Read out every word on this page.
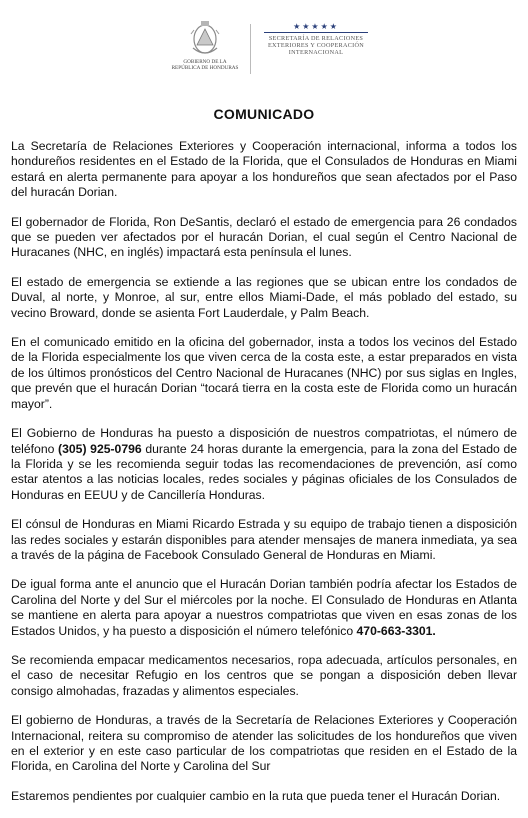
GOBIERNO DE LA
REPÚBLICA DE HONDURAS
★★★★★
SECRETARÍA DE RELACIONES
EXTERIORES Y COOPERACIÓN
INTERNACIONAL
COMUNICADO

La Secretaría de Relaciones Exteriores y Cooperación internacional, informa a todos los hondureños residentes en el Estado de la Florida, que el Consulados de Honduras en Miami estará en alerta permanente para apoyar a los hondureños que sean afectados por el Paso del huracán Dorian.

El gobernador de Florida, Ron DeSantis, declaró el estado de emergencia para 26 condados que se pueden ver afectados por el huracán Dorian, el cual según el Centro Nacional de Huracanes (NHC, en inglés) impactará esta península el lunes.

El estado de emergencia se extiende a las regiones que se ubican entre los condados de Duval, al norte, y Monroe, al sur, entre ellos Miami-Dade, el más poblado del estado, su vecino Broward, donde se asienta Fort Lauderdale, y Palm Beach.

En el comunicado emitido en la oficina del gobernador, insta a todos los vecinos del Estado de la Florida especialmente los que viven cerca de la costa este, a estar preparados en vista de los últimos pronósticos del Centro Nacional de Huracanes (NHC) por sus siglas en Ingles, que prevén que el huracán Dorian “tocará tierra en la costa este de Florida como un huracán mayor”.

El Gobierno de Honduras ha puesto a disposición de nuestros compatriotas, el número de teléfono (305) 925-0796 durante 24 horas durante la emergencia, para la zona del Estado de la Florida y se les recomienda seguir todas las recomendaciones de prevención, así como estar atentos a las noticias locales, redes sociales y páginas oficiales de los Consulados de Honduras en EEUU y de Cancillería Honduras.

El cónsul de Honduras en Miami Ricardo Estrada y su equipo de trabajo tienen a disposición las redes sociales y estarán disponibles para atender mensajes de manera inmediata, ya sea a través de la página de Facebook Consulado General de Honduras en Miami.

De igual forma ante el anuncio que el Huracán Dorian también podría afectar los Estados de Carolina del Norte y del Sur el miércoles por la noche. El Consulado de Honduras en Atlanta se mantiene en alerta para apoyar a nuestros compatriotas que viven en esas zonas de los Estados Unidos, y ha puesto a disposición el número telefónico 470-663-3301.

Se recomienda empacar medicamentos necesarios, ropa adecuada, artículos personales, en el caso de necesitar Refugio en los centros que se pongan a disposición deben llevar consigo almohadas, frazadas y alimentos especiales.

El gobierno de Honduras, a través de la Secretaría de Relaciones Exteriores y Cooperación Internacional, reitera su compromiso de atender las solicitudes de los hondureños que viven en el exterior y en este caso particular de los compatriotas que residen en el Estado de la Florida, en Carolina del Norte y Carolina del Sur

Estaremos pendientes por cualquier cambio en la ruta que pueda tener el Huracán Dorian.
